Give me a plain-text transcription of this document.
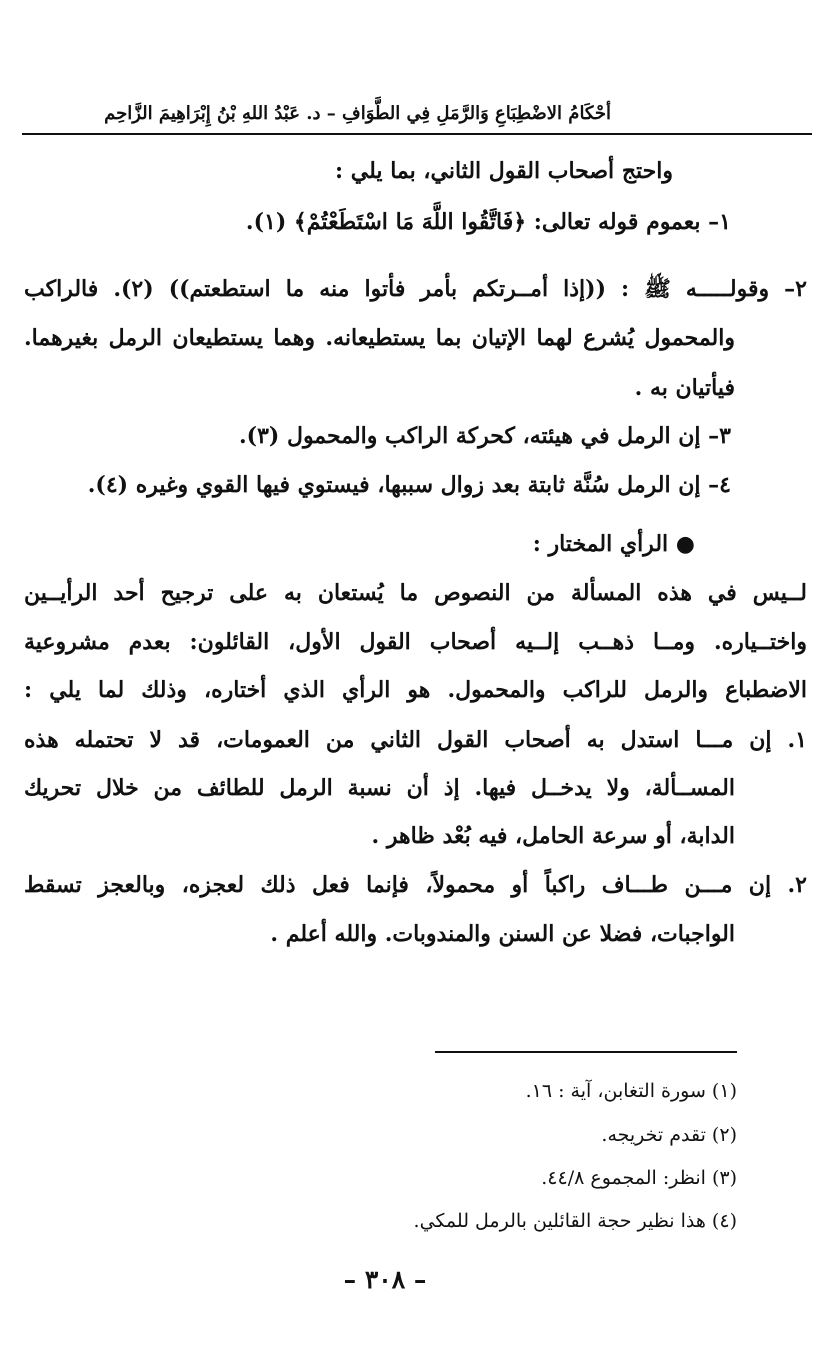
أحْكَامُ الاضْطِبَاعِ وَالرَّمَلِ فِي الطَّوَافِ – د. عَبْدُ اللهِ بْنُ إِبْرَاهِيمَ الزَّاحِم
واحتج أصحاب القول الثاني، بما يلي :
١– بعموم قوله تعالى: ﴿فَاتَّقُوا اللَّهَ مَا اسْتَطَعْتُمْ﴾ (١).
٢– وقولـــــه ﷺ : ((إذا أمــرتكم بأمر فأتوا منه ما استطعتم)) (٢). فالراكب
والمحمول يُشرع لهما الإتيان بما يستطيعانه. وهما يستطيعان الرمل بغيرهما.
فيأتيان به .
٣– إن الرمل في هيئته، كحركة الراكب والمحمول (٣).
٤– إن الرمل سُنَّة ثابتة بعد زوال سببها، فيستوي فيها القوي وغيره (٤).
● الرأي المختار :
لــيس في هذه المسألة من النصوص ما يُستعان به على ترجيح أحد الرأيــين
واختــياره. ومــا ذهــب إلــيه أصحاب القول الأول، القائلون: بعدم مشروعية
الاضطباع والرمل للراكب والمحمول. هو الرأي الذي أختاره، وذلك لما يلي :
١. إن مـــا استدل به أصحاب القول الثاني من العمومات، قد لا تحتمله هذه
المســألة، ولا يدخــل فيها. إذ أن نسبة الرمل للطائف من خلال تحريك
الدابة، أو سرعة الحامل، فيه بُعْد ظاهر .
٢. إن مـــن طـــاف راكباً أو محمولاً، فإنما فعل ذلك لعجزه، وبالعجز تسقط
الواجبات، فضلا عن السنن والمندوبات. والله أعلم .
(١) سورة التغابن، آية : ١٦.
(٢) تقدم تخريجه.
(٣) انظر: المجموع ٤٤/٨.
(٤) هذا نظير حجة القائلين بالرمل للمكي.
– ٣٠٨ –
